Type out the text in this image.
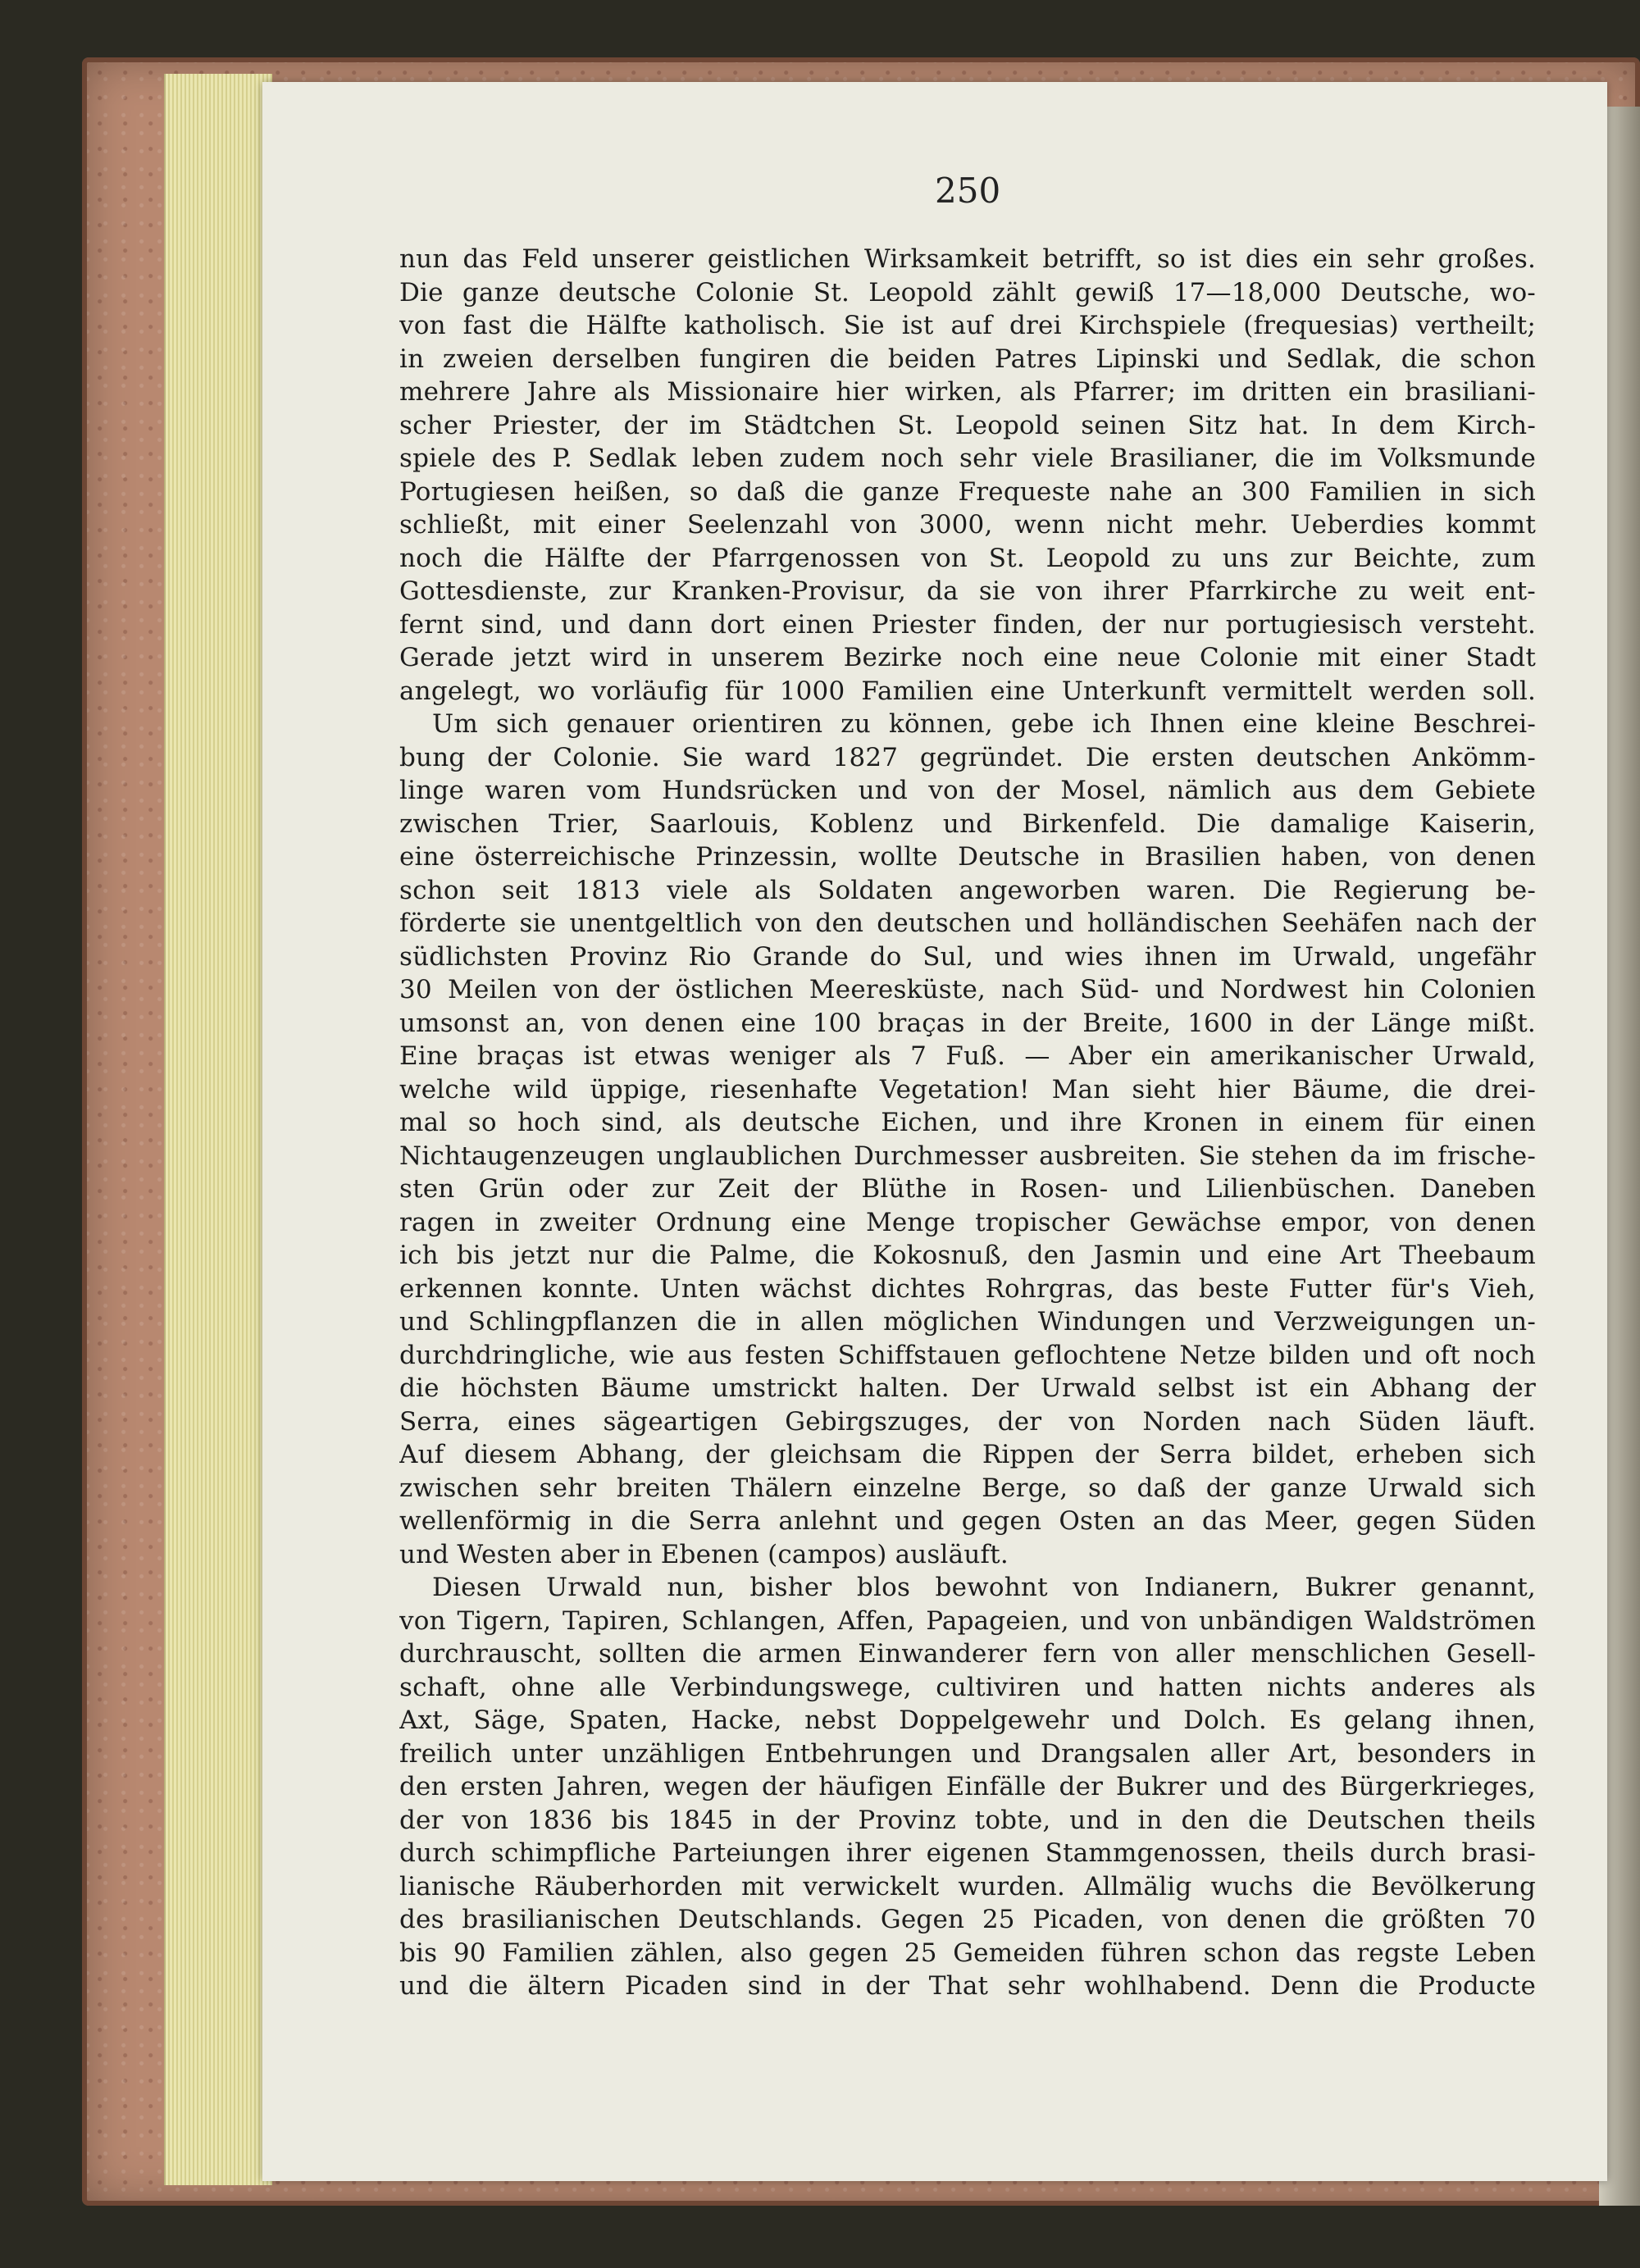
250
nun das Feld unserer geistlichen Wirksamkeit betrifft, so ist dies ein sehr großes.
Die ganze deutsche Colonie St. Leopold zählt gewiß 17—18,000 Deutsche, wo-
von fast die Hälfte katholisch. Sie ist auf drei Kirchspiele (frequesias) vertheilt;
in zweien derselben fungiren die beiden Patres Lipinski und Sedlak, die schon
mehrere Jahre als Missionaire hier wirken, als Pfarrer; im dritten ein brasiliani-
scher Priester, der im Städtchen St. Leopold seinen Sitz hat. In dem Kirch-
spiele des P. Sedlak leben zudem noch sehr viele Brasilianer, die im Volksmunde
Portugiesen heißen, so daß die ganze Frequeste nahe an 300 Familien in sich
schließt, mit einer Seelenzahl von 3000, wenn nicht mehr. Ueberdies kommt
noch die Hälfte der Pfarrgenossen von St. Leopold zu uns zur Beichte, zum
Gottesdienste, zur Kranken-Provisur, da sie von ihrer Pfarrkirche zu weit ent-
fernt sind, und dann dort einen Priester finden, der nur portugiesisch versteht.
Gerade jetzt wird in unserem Bezirke noch eine neue Colonie mit einer Stadt
angelegt, wo vorläufig für 1000 Familien eine Unterkunft vermittelt werden soll.
Um sich genauer orientiren zu können, gebe ich Ihnen eine kleine Beschrei-
bung der Colonie. Sie ward 1827 gegründet. Die ersten deutschen Ankömm-
linge waren vom Hundsrücken und von der Mosel, nämlich aus dem Gebiete
zwischen Trier, Saarlouis, Koblenz und Birkenfeld. Die damalige Kaiserin,
eine österreichische Prinzessin, wollte Deutsche in Brasilien haben, von denen
schon seit 1813 viele als Soldaten angeworben waren. Die Regierung be-
förderte sie unentgeltlich von den deutschen und holländischen Seehäfen nach der
südlichsten Provinz Rio Grande do Sul, und wies ihnen im Urwald, ungefähr
30 Meilen von der östlichen Meeresküste, nach Süd- und Nordwest hin Colonien
umsonst an, von denen eine 100 braças in der Breite, 1600 in der Länge mißt.
Eine braças ist etwas weniger als 7 Fuß. — Aber ein amerikanischer Urwald,
welche wild üppige, riesenhafte Vegetation! Man sieht hier Bäume, die drei-
mal so hoch sind, als deutsche Eichen, und ihre Kronen in einem für einen
Nichtaugenzeugen unglaublichen Durchmesser ausbreiten. Sie stehen da im frische-
sten Grün oder zur Zeit der Blüthe in Rosen- und Lilienbüschen. Daneben
ragen in zweiter Ordnung eine Menge tropischer Gewächse empor, von denen
ich bis jetzt nur die Palme, die Kokosnuß, den Jasmin und eine Art Theebaum
erkennen konnte. Unten wächst dichtes Rohrgras, das beste Futter für's Vieh,
und Schlingpflanzen die in allen möglichen Windungen und Verzweigungen un-
durchdringliche, wie aus festen Schiffstauen geflochtene Netze bilden und oft noch
die höchsten Bäume umstrickt halten. Der Urwald selbst ist ein Abhang der
Serra, eines sägeartigen Gebirgszuges, der von Norden nach Süden läuft.
Auf diesem Abhang, der gleichsam die Rippen der Serra bildet, erheben sich
zwischen sehr breiten Thälern einzelne Berge, so daß der ganze Urwald sich
wellenförmig in die Serra anlehnt und gegen Osten an das Meer, gegen Süden
und Westen aber in Ebenen (campos) ausläuft.
Diesen Urwald nun, bisher blos bewohnt von Indianern, Bukrer genannt,
von Tigern, Tapiren, Schlangen, Affen, Papageien, und von unbändigen Waldströmen
durchrauscht, sollten die armen Einwanderer fern von aller menschlichen Gesell-
schaft, ohne alle Verbindungswege, cultiviren und hatten nichts anderes als
Axt, Säge, Spaten, Hacke, nebst Doppelgewehr und Dolch. Es gelang ihnen,
freilich unter unzähligen Entbehrungen und Drangsalen aller Art, besonders in
den ersten Jahren, wegen der häufigen Einfälle der Bukrer und des Bürgerkrieges,
der von 1836 bis 1845 in der Provinz tobte, und in den die Deutschen theils
durch schimpfliche Parteiungen ihrer eigenen Stammgenossen, theils durch brasi-
lianische Räuberhorden mit verwickelt wurden. Allmälig wuchs die Bevölkerung
des brasilianischen Deutschlands. Gegen 25 Picaden, von denen die größten 70
bis 90 Familien zählen, also gegen 25 Gemeiden führen schon das regste Leben
und die ältern Picaden sind in der That sehr wohlhabend. Denn die Producte
